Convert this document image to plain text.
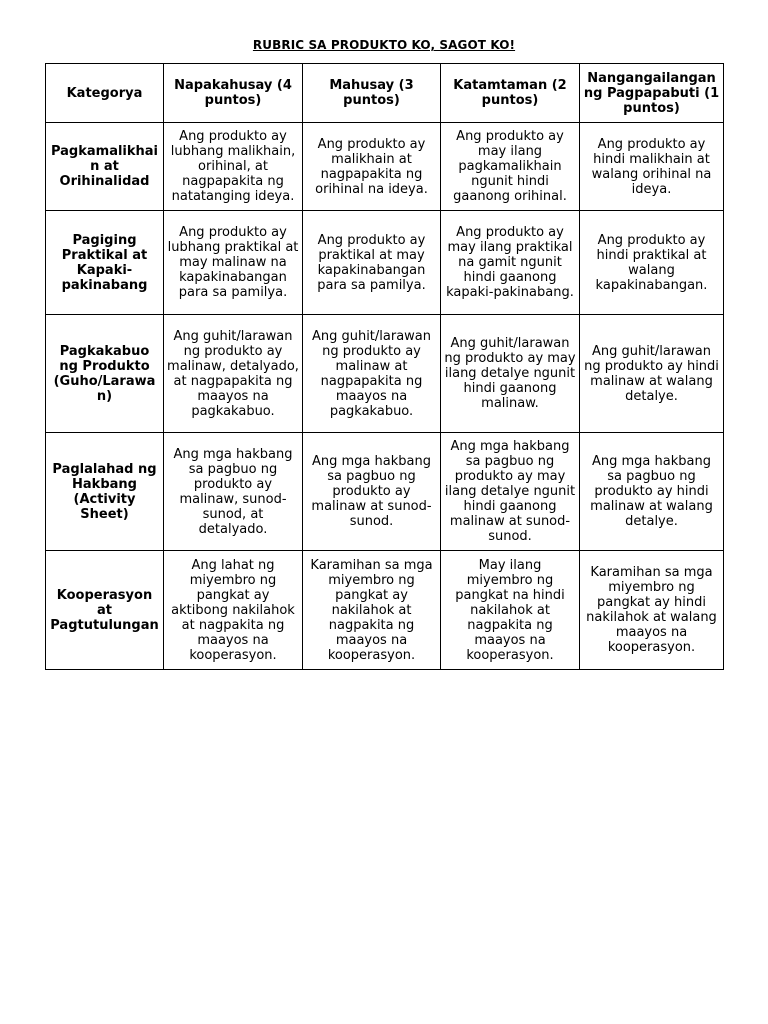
RUBRIC SA PRODUKTO KO, SAGOT KO!
Kategorya	Napakahusay (4 puntos)	Mahusay (3 puntos)	Katamtaman (2 puntos)	Nangangailangan ng Pagpapabuti (1 puntos)
Pagkamalikhain at Orihinalidad	Ang produkto ay lubhang malikhain, orihinal, at nagpapakita ng natatanging ideya.	Ang produkto ay malikhain at nagpapakita ng orihinal na ideya.	Ang produkto ay may ilang pagkamalikhain ngunit hindi gaanong orihinal.	Ang produkto ay hindi malikhain at walang orihinal na ideya.
Pagiging Praktikal at Kapaki-pakinabang	Ang produkto ay lubhang praktikal at may malinaw na kapakinabangan para sa pamilya.	Ang produkto ay praktikal at may kapakinabangan para sa pamilya.	Ang produkto ay may ilang praktikal na gamit ngunit hindi gaanong kapaki-pakinabang.	Ang produkto ay hindi praktikal at walang kapakinabangan.
Pagkakabuo ng Produkto (Guho/Larawan)	Ang guhit/larawan ng produkto ay malinaw, detalyado, at nagpapakita ng maayos na pagkakabuo.	Ang guhit/larawan ng produkto ay malinaw at nagpapakita ng maayos na pagkakabuo.	Ang guhit/larawan ng produkto ay may ilang detalye ngunit hindi gaanong malinaw.	Ang guhit/larawan ng produkto ay hindi malinaw at walang detalye.
Paglalahad ng Hakbang (Activity Sheet)	Ang mga hakbang sa pagbuo ng produkto ay malinaw, sunod-sunod, at detalyado.	Ang mga hakbang sa pagbuo ng produkto ay malinaw at sunod-sunod.	Ang mga hakbang sa pagbuo ng produkto ay may ilang detalye ngunit hindi gaanong malinaw at sunod-sunod.	Ang mga hakbang sa pagbuo ng produkto ay hindi malinaw at walang detalye.
Kooperasyon at Pagtutulungan	Ang lahat ng miyembro ng pangkat ay aktibong nakilahok at nagpakita ng maayos na kooperasyon.	Karamihan sa mga miyembro ng pangkat ay nakilahok at nagpakita ng maayos na kooperasyon.	May ilang miyembro ng pangkat na hindi nakilahok at nagpakita ng maayos na kooperasyon.	Karamihan sa mga miyembro ng pangkat ay hindi nakilahok at walang maayos na kooperasyon.
